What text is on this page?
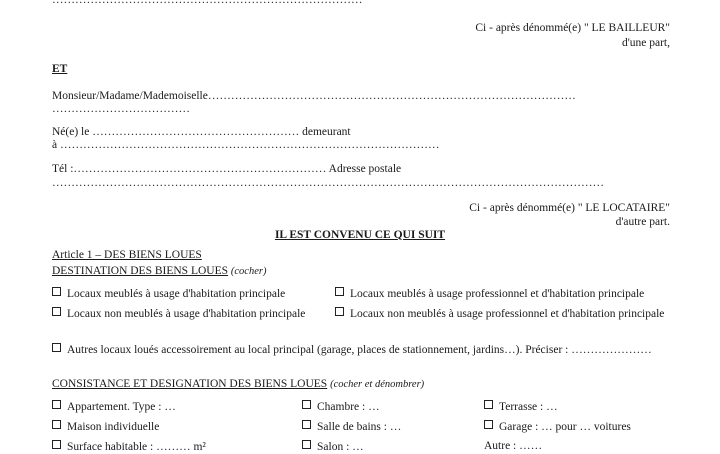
………………………………………………………………………
Ci - après dénommé(e) " LE BAILLEUR"
d'une part,
ET
Monsieur/Madame/Mademoiselle……………………………………………………………………………………
………………………………
Né(e) le ……………………………………………… demeurant
à ………………………………………………………………………………………
Tél :………………………………………………………… Adresse postale
………………………………………………………………………………………………………………………………
Ci - après dénommé(e) " LE LOCATAIRE"
d'autre part.
IL EST CONVENU CE QUI SUIT
Article 1 – DES BIENS LOUES
DESTINATION DES BIENS LOUES (cocher)
Locaux meublés à usage d'habitation principale	Locaux meublés à usage professionnel et d'habitation principale
Locaux non meublés à usage d'habitation principale	Locaux non meublés à usage professionnel et d'habitation principale
Autres locaux loués accessoirement au local principal (garage, places de stationnement, jardins…). Préciser : …………………
CONSISTANCE ET DESIGNATION DES BIENS LOUES (cocher et dénombrer)
Appartement. Type : …	Chambre : …	Terrasse : …
Maison individuelle	Salle de bains : …	Garage : … pour … voitures
Surface habitable : ……… m²	Salon : …	Autre : ……
